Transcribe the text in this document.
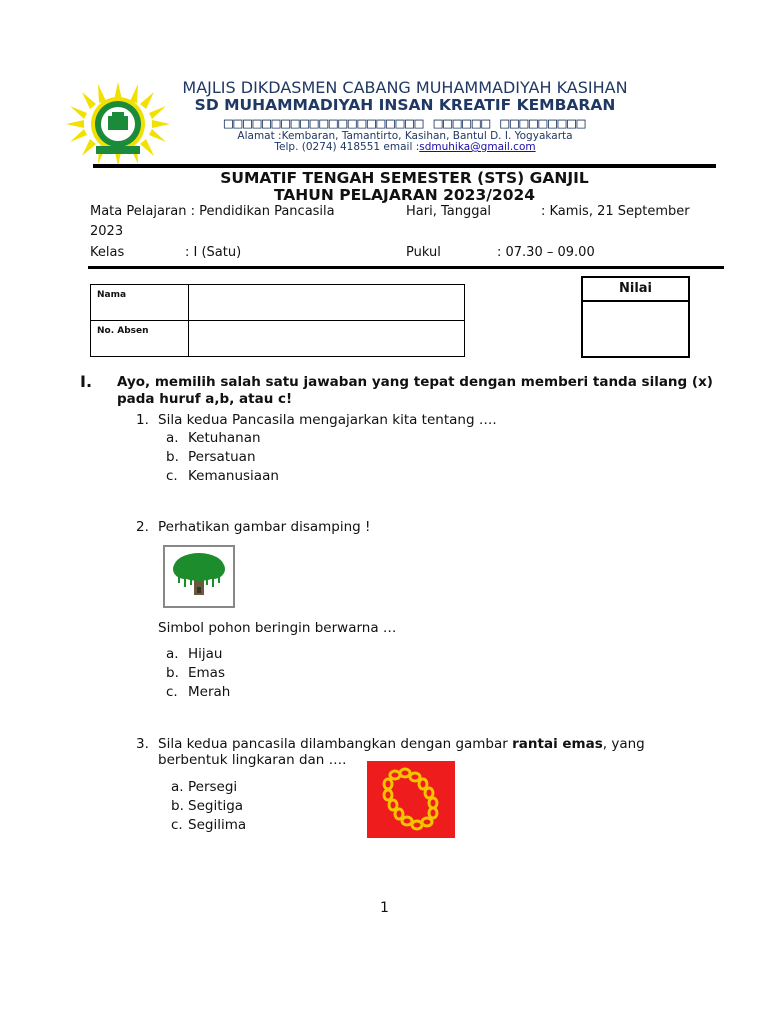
MAJLIS DIKDASMEN CABANG MUHAMMADIYAH KASIHAN
SD MUHAMMADIYAH INSAN KREATIF KEMBARAN
□□□□□□□□□□□□□□□□□□□□□ □□□□□□ □□□□□□□□□
Alamat :Kembaran, Tamantirto, Kasihan, Bantul D. I. Yogyakarta
Telp. (0274) 418551 email :sdmuhika@gmail.com
SUMATIF TENGAH SEMESTER (STS) GANJIL
TAHUN PELAJARAN 2023/2024
Mata Pelajaran : Pendidikan Pancasila	Hari, Tanggal	: Kamis, 21 September
2023
Kelas	: I (Satu)	Pukul	: 07.30 – 09.00
Nama	
No. Absen	
Nilai
I. Ayo, memilih salah satu jawaban yang tepat dengan memberi tanda silang (x) pada huruf a,b, atau c!
1. Sila kedua Pancasila mengajarkan kita tentang ….
a. Ketuhanan
b. Persatuan
c. Kemanusiaan
2. Perhatikan gambar disamping !
Simbol pohon beringin berwarna …
a. Hijau
b. Emas
c. Merah
3. Sila kedua pancasila dilambangkan dengan gambar rantai emas, yang
berbentuk lingkaran dan ….
a. Persegi
b. Segitiga
c. Segilima
1
